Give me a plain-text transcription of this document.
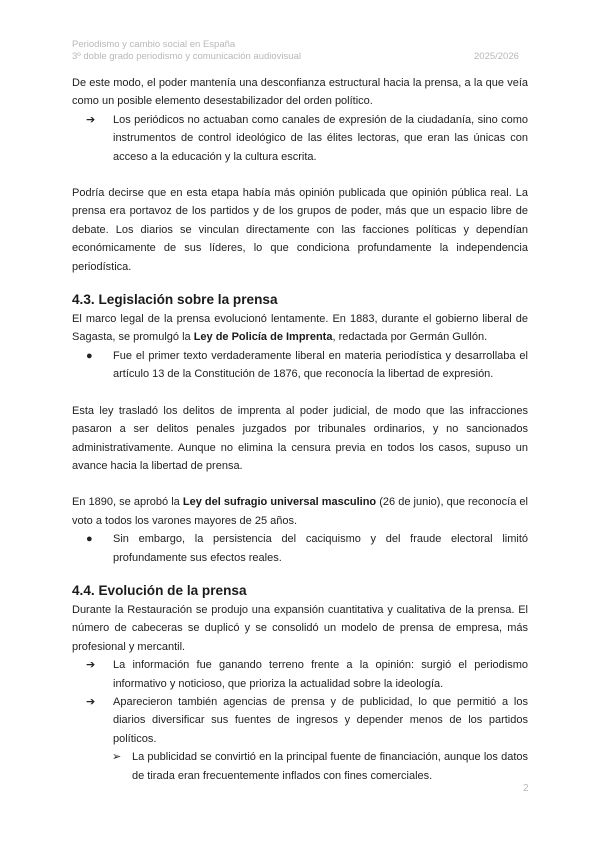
Periodismo y cambio social en España
3º doble grado periodismo y comunicación audiovisual	2025/2026

De este modo, el poder mantenía una desconfianza estructural hacia la prensa, a la que veía como un posible elemento desestabilizador del orden político.

➔ Los periódicos no actuaban como canales de expresión de la ciudadanía, sino como instrumentos de control ideológico de las élites lectoras, que eran las únicas con acceso a la educación y la cultura escrita.

Podría decirse que en esta etapa había más opinión publicada que opinión pública real. La prensa era portavoz de los partidos y de los grupos de poder, más que un espacio libre de debate. Los diarios se vinculan directamente con las facciones políticas y dependían económicamente de sus líderes, lo que condiciona profundamente la independencia periodística.

4.3. Legislación sobre la prensa

El marco legal de la prensa evolucionó lentamente. En 1883, durante el gobierno liberal de Sagasta, se promulgó la Ley de Policía de Imprenta, redactada por Germán Gullón.

● Fue el primer texto verdaderamente liberal en materia periodística y desarrollaba el artículo 13 de la Constitución de 1876, que reconocía la libertad de expresión.

Esta ley trasladó los delitos de imprenta al poder judicial, de modo que las infracciones pasaron a ser delitos penales juzgados por tribunales ordinarios, y no sancionados administrativamente. Aunque no elimina la censura previa en todos los casos, supuso un avance hacia la libertad de prensa.

En 1890, se aprobó la Ley del sufragio universal masculino (26 de junio), que reconocía el voto a todos los varones mayores de 25 años.

● Sin embargo, la persistencia del caciquismo y del fraude electoral limitó profundamente sus efectos reales.

4.4. Evolución de la prensa

Durante la Restauración se produjo una expansión cuantitativa y cualitativa de la prensa. El número de cabeceras se duplicó y se consolidó un modelo de prensa de empresa, más profesional y mercantil.

➔ La información fue ganando terreno frente a la opinión: surgió el periodismo informativo y noticioso, que prioriza la actualidad sobre la ideología.

➔ Aparecieron también agencias de prensa y de publicidad, lo que permitió a los diarios diversificar sus fuentes de ingresos y depender menos de los partidos políticos.

➢ La publicidad se convirtió en la principal fuente de financiación, aunque los datos de tirada eran frecuentemente inflados con fines comerciales.

2
